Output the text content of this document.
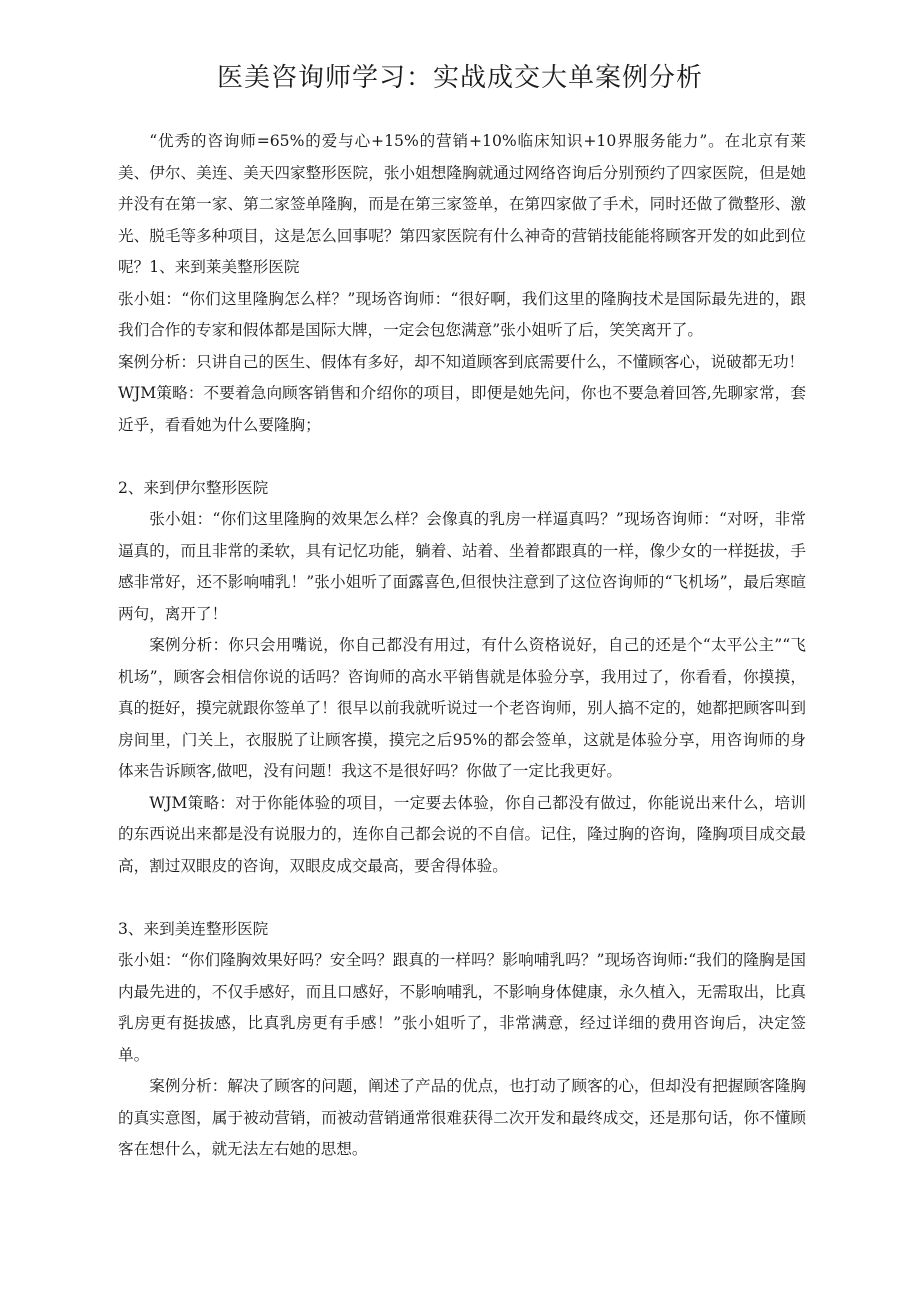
医美咨询师学习：实战成交大单案例分析

“优秀的咨询师=65%的爱与心+15%的营销+10%临床知识+10界服务能力”。在北京有莱美、伊尔、美连、美天四家整形医院，张小姐想隆胸就通过网络咨询后分别预约了四家医院，但是她并没有在第一家、第二家签单隆胸，而是在第三家签单，在第四家做了手术，同时还做了微整形、激光、脱毛等多种项目，这是怎么回事呢？第四家医院有什么神奇的营销技能能将顾客开发的如此到位呢？1、来到莱美整形医院

张小姐：“你们这里隆胸怎么样？”现场咨询师：“很好啊，我们这里的隆胸技术是国际最先进的，跟我们合作的专家和假体都是国际大牌，一定会包您满意”张小姐听了后，笑笑离开了。

案例分析：只讲自己的医生、假体有多好，却不知道顾客到底需要什么，不懂顾客心，说破都无功！

WJM策略：不要着急向顾客销售和介绍你的项目，即便是她先问，你也不要急着回答,先聊家常，套近乎，看看她为什么要隆胸；

2、来到伊尔整形医院

张小姐：“你们这里隆胸的效果怎么样？会像真的乳房一样逼真吗？”现场咨询师：“对呀，非常逼真的，而且非常的柔软，具有记忆功能，躺着、站着、坐着都跟真的一样，像少女的一样挺拔，手感非常好，还不影响哺乳！”张小姐听了面露喜色,但很快注意到了这位咨询师的“飞机场”，最后寒暄两句，离开了！

案例分析：你只会用嘴说，你自己都没有用过，有什么资格说好，自己的还是个“太平公主”“飞机场”，顾客会相信你说的话吗？咨询师的高水平销售就是体验分享，我用过了，你看看，你摸摸，真的挺好，摸完就跟你签单了！很早以前我就听说过一个老咨询师，别人搞不定的，她都把顾客叫到房间里，门关上，衣服脱了让顾客摸，摸完之后95%的都会签单，这就是体验分享，用咨询师的身体来告诉顾客,做吧，没有问题！我这不是很好吗？你做了一定比我更好。

WJM策略：对于你能体验的项目，一定要去体验，你自己都没有做过，你能说出来什么，培训的东西说出来都是没有说服力的，连你自己都会说的不自信。记住，隆过胸的咨询，隆胸项目成交最高，割过双眼皮的咨询，双眼皮成交最高，要舍得体验。

3、来到美连整形医院

张小姐：“你们隆胸效果好吗？安全吗？跟真的一样吗？影响哺乳吗？”现场咨询师:“我们的隆胸是国内最先进的，不仅手感好，而且口感好，不影响哺乳，不影响身体健康，永久植入，无需取出，比真乳房更有挺拔感，比真乳房更有手感！”张小姐听了，非常满意，经过详细的费用咨询后，决定签单。

案例分析：解决了顾客的问题，阐述了产品的优点，也打动了顾客的心，但却没有把握顾客隆胸的真实意图，属于被动营销，而被动营销通常很难获得二次开发和最终成交，还是那句话，你不懂顾客在想什么，就无法左右她的思想。
